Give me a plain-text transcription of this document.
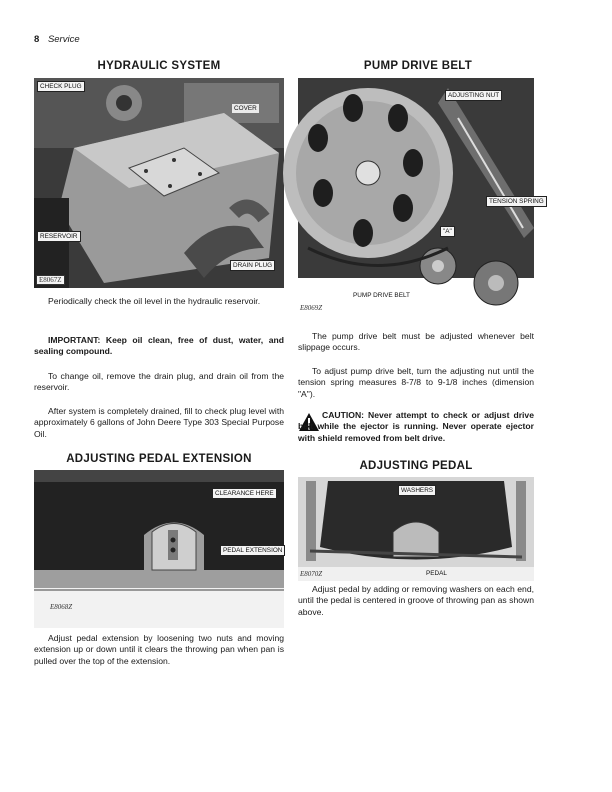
8 Service
HYDRAULIC SYSTEM
CHECK PLUG
COVER
RESERVOIR
DRAIN PLUG
E8067Z
Periodically check the oil level in the hydraulic reservoir.
IMPORTANT: Keep oil clean, free of dust, water, and sealing compound.
To change oil, remove the drain plug, and drain oil from the reservoir.
After system is completely drained, fill to check plug level with approximately 6 gallons of John Deere Type 303 Special Purpose Oil.
PUMP DRIVE BELT
ADJUSTING NUT
TENSION SPRING
"A"
PUMP DRIVE BELT
E8069Z
The pump drive belt must be adjusted whenever belt slippage occurs.
To adjust pump drive belt, turn the adjusting nut until the tension spring measures 8-7/8 to 9-1/8 inches (dimension "A").
CAUTION: Never attempt to check or adjust drive belt while the ejector is running. Never operate ejector with shield removed from belt drive.
ADJUSTING PEDAL EXTENSION
CLEARANCE HERE
PEDAL EXTENSION
E8068Z
Adjust pedal extension by loosening two nuts and moving extension up or down until it clears the throwing pan when pan is pulled over the top of the extension.
ADJUSTING PEDAL
WASHERS
PEDAL
E8070Z
Adjust pedal by adding or removing washers on each end, until the pedal is centered in groove of throwing pan as shown above.
